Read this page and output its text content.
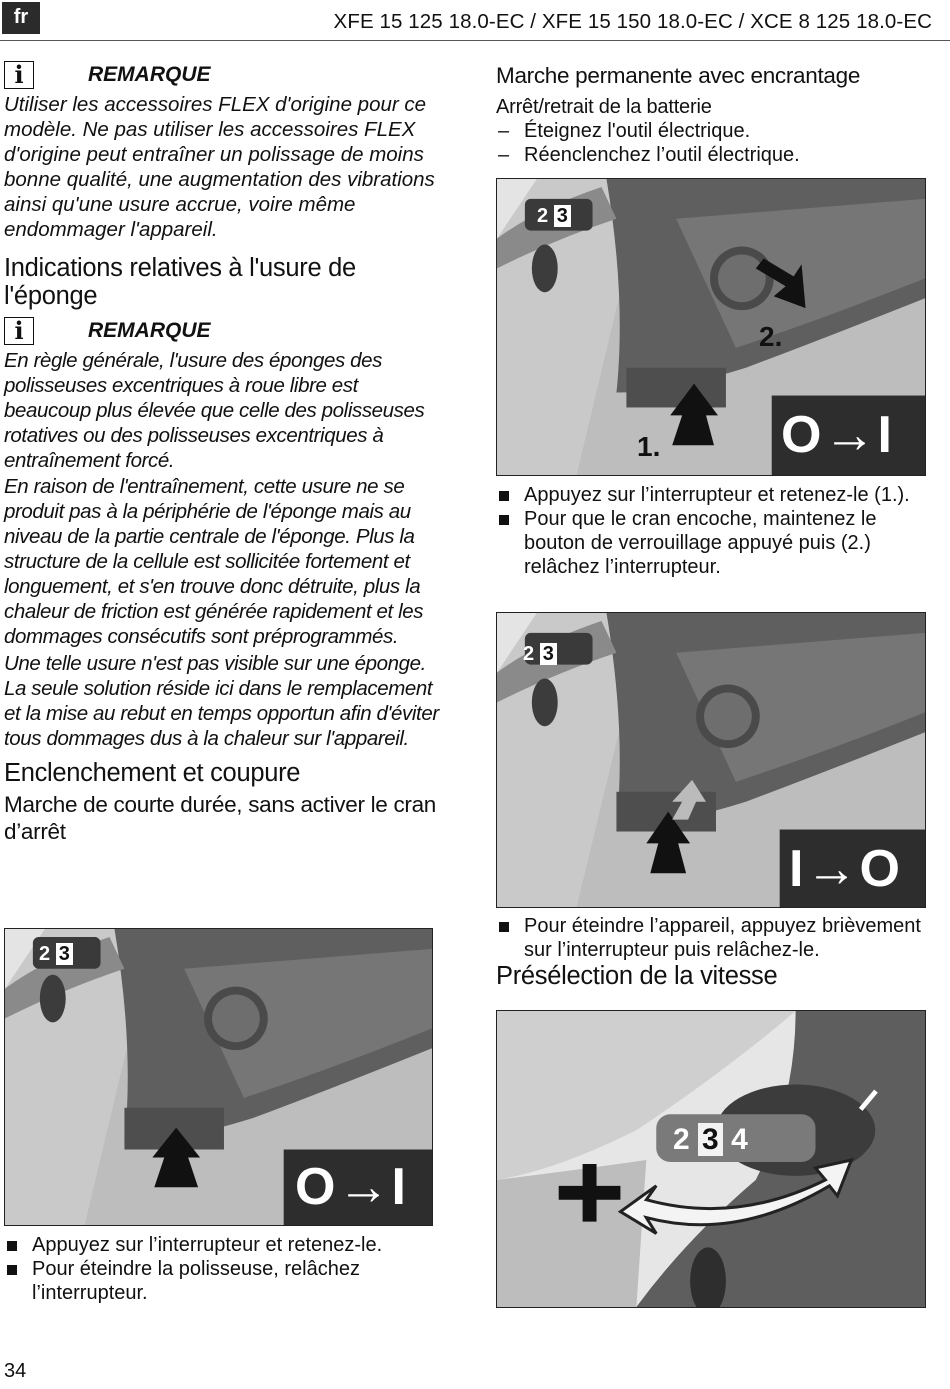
fr	XFE 15 125 18.0-EC / XFE 15 150 18.0-EC / XCE 8 125 18.0-EC
i	REMARQUE

Utiliser les accessoires FLEX d'origine pour ce modèle. Ne pas utiliser les accessoires FLEX d'origine peut entraîner un polissage de moins bonne qualité, une augmentation des vibrations ainsi qu'une usure accrue, voire même endommager l'appareil.

Indications relatives à l'usure de l'éponge
i	REMARQUE

En règle générale, l'usure des éponges des polisseuses excentriques à roue libre est beaucoup plus élevée que celle des polisseuses rotatives ou des polisseuses excentriques à entraînement forcé.

En raison de l'entraînement, cette usure ne se produit pas à la périphérie de l'éponge mais au niveau de la partie centrale de l'éponge. Plus la structure de la cellule est sollicitée fortement et longuement, et s'en trouve donc détruite, plus la chaleur de friction est générée rapidement et les dommages consécutifs sont préprogrammés.

Une telle usure n'est pas visible sur une éponge. La seule solution réside ici dans le remplacement et la mise au rebut en temps opportun afin d'éviter tous dommages dus à la chaleur sur l'appareil.

Enclenchement et coupure
Marche de courte durée, sans activer le cran d’arrêt
2 3
O→I
Appuyez sur l’interrupteur et retenez-le.
Pour éteindre la polisseuse, relâchez l’interrupteur.
Marche permanente avec encrantage
Arrêt/retrait de la batterie
– Éteignez l'outil électrique.
– Réenclenchez l’outil électrique.
2 3
1.
2.
O→I
Appuyez sur l’interrupteur et retenez-le (1.).
Pour que le cran encoche, maintenez le bouton de verrouillage appuyé puis (2.) relâchez l’interrupteur.
2 3
I→O
Pour éteindre l’appareil, appuyez brièvement sur l’interrupteur puis relâchez-le.
Présélection de la vitesse
2 3 4
–
34
